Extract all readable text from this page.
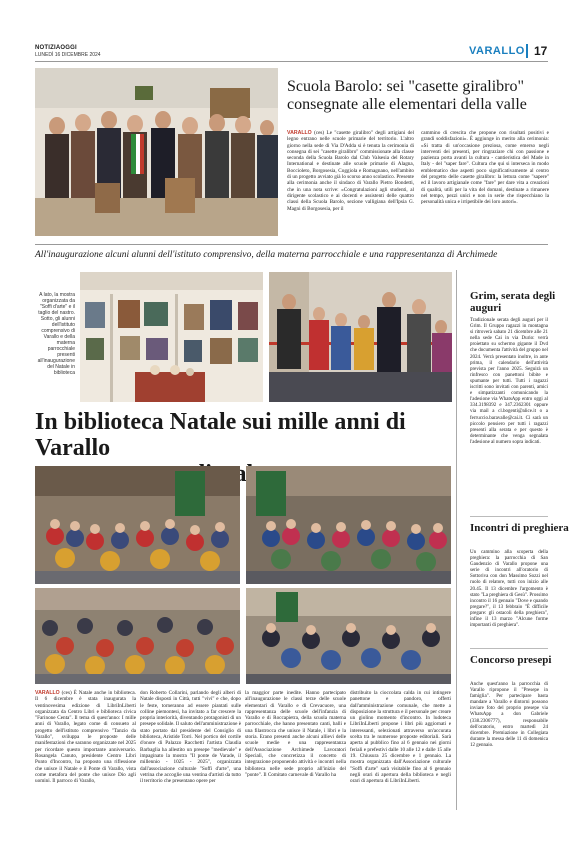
NOTIZIAOGGI
LUNEDÌ 16 DICEMBRE 2024	VARALLO 17
Scuola Barolo: sei "casette giralibro"
consegnate alle elementari della valle
VARALLO (ces) Le "casette giralibro" degli artigiani del legno entrano nelle scuole primarie del territorio. L'altro giorno nella sede di Via D'Adda si è tenuta la cerimonia di consegna di sei "casette giralibro" commissionate alla classe seconda della Scuola Barolo dal Club Valsesia del Rotary International e destinate alle scuole primarie di Alagna, Boccioleto, Borgosesia, Coggiola e Romagnano, nell'ambito di un progetto avviato già lo scorso anno scolastico. Presente alla cerimonia anche il sindaco di Varallo Pietro Bondetti, che in una nota scrive: «Congratulazioni agli studenti, al dirigente scolastico e ai docenti e assistenti delle quattro classi della Scuola Barolo, sezione valligiana dell'Ipsia G. Magni di Borgosesia, per il
cammino di crescita che propone con risultati positivi e grandi soddisfazioni». È aggiunge in merito alla cerimonia: «Si tratta di un'occasione preziosa, come emerso negli interventi dei presenti, per ringraziare chi con passione e pazienza porta avanti la cultura - cantieristica del Made in Italy - del "saper fare". Cultura che qui si interseca in modo emblematico due aspetti poco significativamente al centro del progetto delle casette giralibro: la lettura come "sapere" ed il lavoro artigianale come "fare" per dare vita a creazioni di qualità, utili per la vita del domani, destinate a rimanere nel tempo, pezzi unici e non in serie che rispecchiano la personalità unica e irripetibile dei loro autori».
All'inaugurazione alcuni alunni dell'istituto comprensivo, della materna parrocchiale e una rappresentanza di Archimede
A lato, la mostra organizzata da "Soffi d'arte" e il taglio del nastro. Sotto, gli alunni dell'istituto comprensivo di Varallo e della materna parrocchiale presenti all'inaugurazione del Natale in biblioteca
In biblioteca Natale sui mille anni di Varallo
VARALLO (ces) È Natale anche in biblioteca. Il 6 dicembre è stata inaugurata la ventinovesima edizione di LibriInLiberti organizzata da Centro Libri e biblioteca civica "Farinone Centa". Il tema di quest'anno: I mille anni di Varallo, legato come di consueto al progetto dell'istituto comprensivo "Tanzio da Varallo", sviluppa le proposte delle manifestazioni che saranno organizzate nel 2025 per ricordare questo importante anniversario. Rosangela Canuto, presidente Centro Libri Punto d'Incontro, ha proposto una riflessione che unisce il Natale e il Ponte di Varallo, vista come metafora del ponte che unisce Dio agli uomini. Il parroco di Varallo,
don Roberto Collarini, parlando degli alberi di Natale disposti in Città, tutti "vivi" e che, dopo le feste, torneranno ad essere piantati sulle colline piemontesi, ha invitato a far crescere la propria interiorità, diventando protagonisti di un presepe solidale. Il saluto dell'amministrazione è stato portato dal presidente del Consiglio di biblioteca, Aristide Torri. Nel portico del cortile d'onore di Palazzo Racchetti l'artista Claudia Barbaglia ha allestito un presepe "medievale" e impaginato la mostra "Il ponte de Varade, il millennio - 1025 - 2025", organizzata dall'associazione culturale "Soffi d'arte", una vetrina che accoglie una ventina d'artisti da tutto il territorio che presentano opere per
la maggior parte inedite. Hanno partecipato all'inaugurazione le classi terze delle scuole elementari di Varallo e di Crevacuore, una rappresentanza delle scuole dell'infanzia di Varallo e di Roccapietra, della scuola materna parrocchiale, che hanno presentato canti, balli e una filastrocca che unisce il Natale, i libri e la storia. Erano presenti anche alcuni allievi delle scuole medie e una rappresentanza dell'Associazione Archimede Lavoratori Speciali, che concretizza il concetto di integrazione proponendo attività e incontri nella biblioteca nelle sede proprio all'inizio del "ponte". Il Comitato carnevale di Varallo ha
distribuito la cioccolata calda in cui intingere panettone e pandoro, offerti dall'amministrazione comunale, che mette a disposizione la struttura e il personale per creare un giolino momento d'incontro. In ludoteca LibriInLiberti propone i libri più aggiornati e interessanti, selezionati attraverso un'accurata scelta tra le numerose proposte editoriali. Sarà aperta al pubblico fino al 6 gennaio nei giorni feriali e prefestivi dalle 10 alle 12 e dalle 15 alle 19. Chiusura 25 dicembre e 1 gennaio. La mostra organizzata dall'Associazione culturale "Soffi d'arte" sarà visitabile fino al 6 gennaio negli orari di apertura della biblioteca e negli orari di apertura di LibriInLiberti.
Grim, serata degli auguri
Tradizionale serata degli auguri per il Grim. Il Gruppo ragazzi in montagna si ritroverà sabato 21 dicembre alle 21 nella sede Cai in via Durio: verrà proiettato su schermo gigante il Dvd che documenta l'attività del gruppo nel 2024. Verrà presentato inoltre, in ante prima, il calendario dell'attività prevista per l'anno 2025. Seguirà un rinfresco con panettoni bibite e spumante per tutti. Tutti i ragazzi iscritti sono invitati con parenti, amici e simpatizzanti comunicando la l'adesione via WhatsApp entro oggi al 334.3198392 e 347.2362301 oppure via mail a cl.bogenti@alice.it o a ferruccio.baravalle@cai.it. Ci sarà un piccolo pensiero per tutti i ragazzi presenti alla serata e per questo è determinante che venga segnalata l'adesione al numero sopra indicati.
Incontri di preghiera
Un cammino alla scoperta della preghiera: la parrocchia di San Gaudenzio di Varallo propone una serie di incontri all'oratorio di Sottoriva con don Massimo Sozzi nel ruolo di relatore, tutti con inizio alle 20.45. Il 13 dicembre l'argomento è stato "La preghiera di Gesù". Prossimo incontro il 16 gennaio "Dove e quando pregare?", il 13 febbraio "È difficile pregare: gli ostacoli della preghiera", infine il 13 marzo "Alcune forme importanti di preghiera".
Concorso presepi
Anche quest'anno la parrocchia di Varallo ripropone il "Presepe in famiglia". Per partecipare basta mandare a Varallo e dintorni possono inviare foto del proprio presepe via WhatsApp a don Gabriele (338.2306777), responsabile dell'oratorio, entro martedì 24 dicembre. Premiazione in Collegiata durante la messa delle 11 di domenica 12 gennaio.
